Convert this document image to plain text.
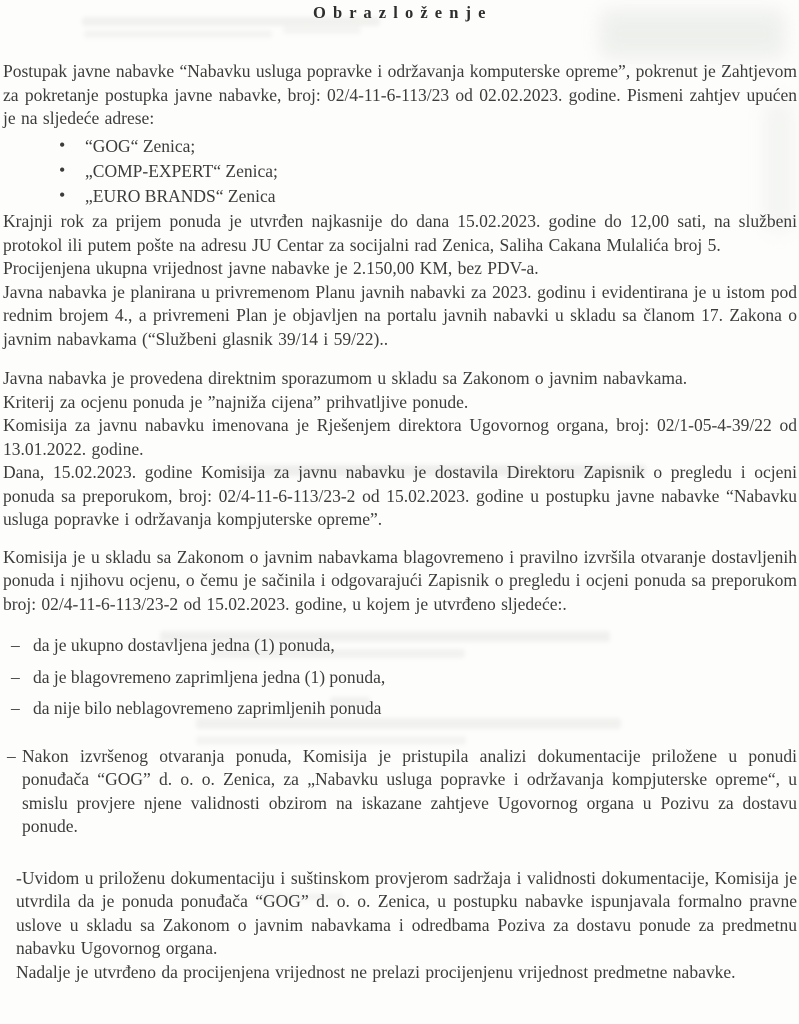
O b r a z l o ž e n j e

Postupak javne nabavke “Nabavku usluga popravke i održavanja komputerske opreme”, pokrenut je Zahtjevom za pokretanje postupka javne nabavke, broj: 02/4-11-6-113/23 od 02.02.2023. godine. Pismeni zahtjev upućen je na sljedeće adrese:

• “GOG“ Zenica;
• „COMP-EXPERT“ Zenica;
• „EURO BRANDS“ Zenica

Krajnji rok za prijem ponuda je utvrđen najkasnije do dana 15.02.2023. godine do 12,00 sati, na službeni protokol ili putem pošte na adresu JU Centar za socijalni rad Zenica, Saliha Cakana Mulalića broj 5.

Procijenjena ukupna vrijednost javne nabavke je 2.150,00 KM, bez PDV-a.

Javna nabavka je planirana u privremenom Planu javnih nabavki za 2023. godinu i evidentirana je u istom pod rednim brojem 4., a privremeni Plan je objavljen na portalu javnih nabavki u skladu sa članom 17. Zakona o javnim nabavkama (“Službeni glasnik 39/14 i 59/22)..

Javna nabavka je provedena direktnim sporazumom u skladu sa Zakonom o javnim nabavkama.

Kriterij za ocjenu ponuda je ”najniža cijena” prihvatljive ponude.

Komisija za javnu nabavku imenovana je Rješenjem direktora Ugovornog organa, broj: 02/1-05-4-39/22 od 13.01.2022. godine.

Dana, 15.02.2023. godine Komisija za javnu nabavku je dostavila Direktoru Zapisnik o pregledu i ocjeni ponuda sa preporukom, broj: 02/4-11-6-113/23-2 od 15.02.2023. godine u postupku javne nabavke “Nabavku usluga popravke i održavanja kompjuterske opreme”.

Komisija je u skladu sa Zakonom o javnim nabavkama blagovremeno i pravilno izvršila otvaranje dostavljenih ponuda i njihovu ocjenu, o čemu je sačinila i odgovarajući Zapisnik o pregledu i ocjeni ponuda sa preporukom broj: 02/4-11-6-113/23-2 od 15.02.2023. godine, u kojem je utvrđeno sljedeće:.

– da je ukupno dostavljena jedna (1) ponuda,
– da je blagovremeno zaprimljena jedna (1) ponuda,
– da nije bilo neblagovremeno zaprimljenih ponuda

– Nakon izvršenog otvaranja ponuda, Komisija je pristupila analizi dokumentacije priložene u ponudi ponuđača “GOG” d. o. o. Zenica, za „Nabavku usluga popravke i održavanja kompjuterske opreme“, u smislu provjere njene validnosti obzirom na iskazane zahtjeve Ugovornog organa u Pozivu za dostavu ponude.

-Uvidom u priloženu dokumentaciju i suštinskom provjerom sadržaja i validnosti dokumentacije, Komisija je utvrdila da je ponuda ponuđača “GOG” d. o. o. Zenica, u postupku nabavke ispunjavala formalno pravne uslove u skladu sa Zakonom o javnim nabavkama i odredbama Poziva za dostavu ponude za predmetnu nabavku Ugovornog organa.

Nadalje je utvrđeno da procijenjena vrijednost ne prelazi procijenjenu vrijednost predmetne nabavke.
